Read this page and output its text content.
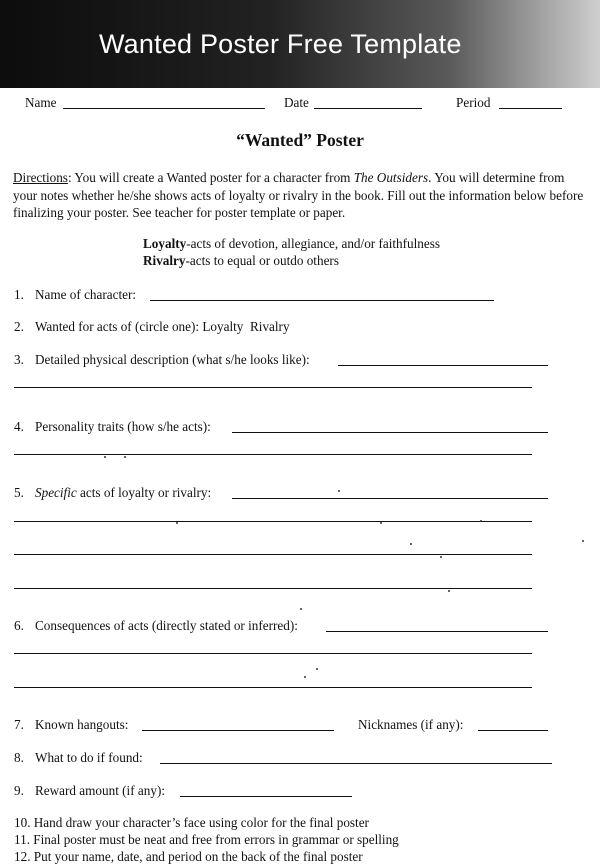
Wanted Poster Free Template
Name	Date	Period
“Wanted” Poster
Directions: You will create a Wanted poster for a character from The Outsiders. You will determine from your notes whether he/she shows acts of loyalty or rivalry in the book. Fill out the information below before finalizing your poster. See teacher for poster template or paper.
Loyalty-acts of devotion, allegiance, and/or faithfulness
Rivalry-acts to equal or outdo others
1. Name of character:
2. Wanted for acts of (circle one):
Loyalty  Rivalry
3. Detailed physical description (what s/he looks like):
4. Personality traits (how s/he acts):
5. Specific acts of loyalty or rivalry:
6. Consequences of acts (directly stated or inferred):
7. Known hangouts:	Nicknames (if any):
8. What to do if found:
9. Reward amount (if any):
10.
Hand draw your character’s face using color for the final poster
11.
Final poster must be neat and free from errors in grammar or spelling
12.
Put your name, date, and period on the back of the final poster
